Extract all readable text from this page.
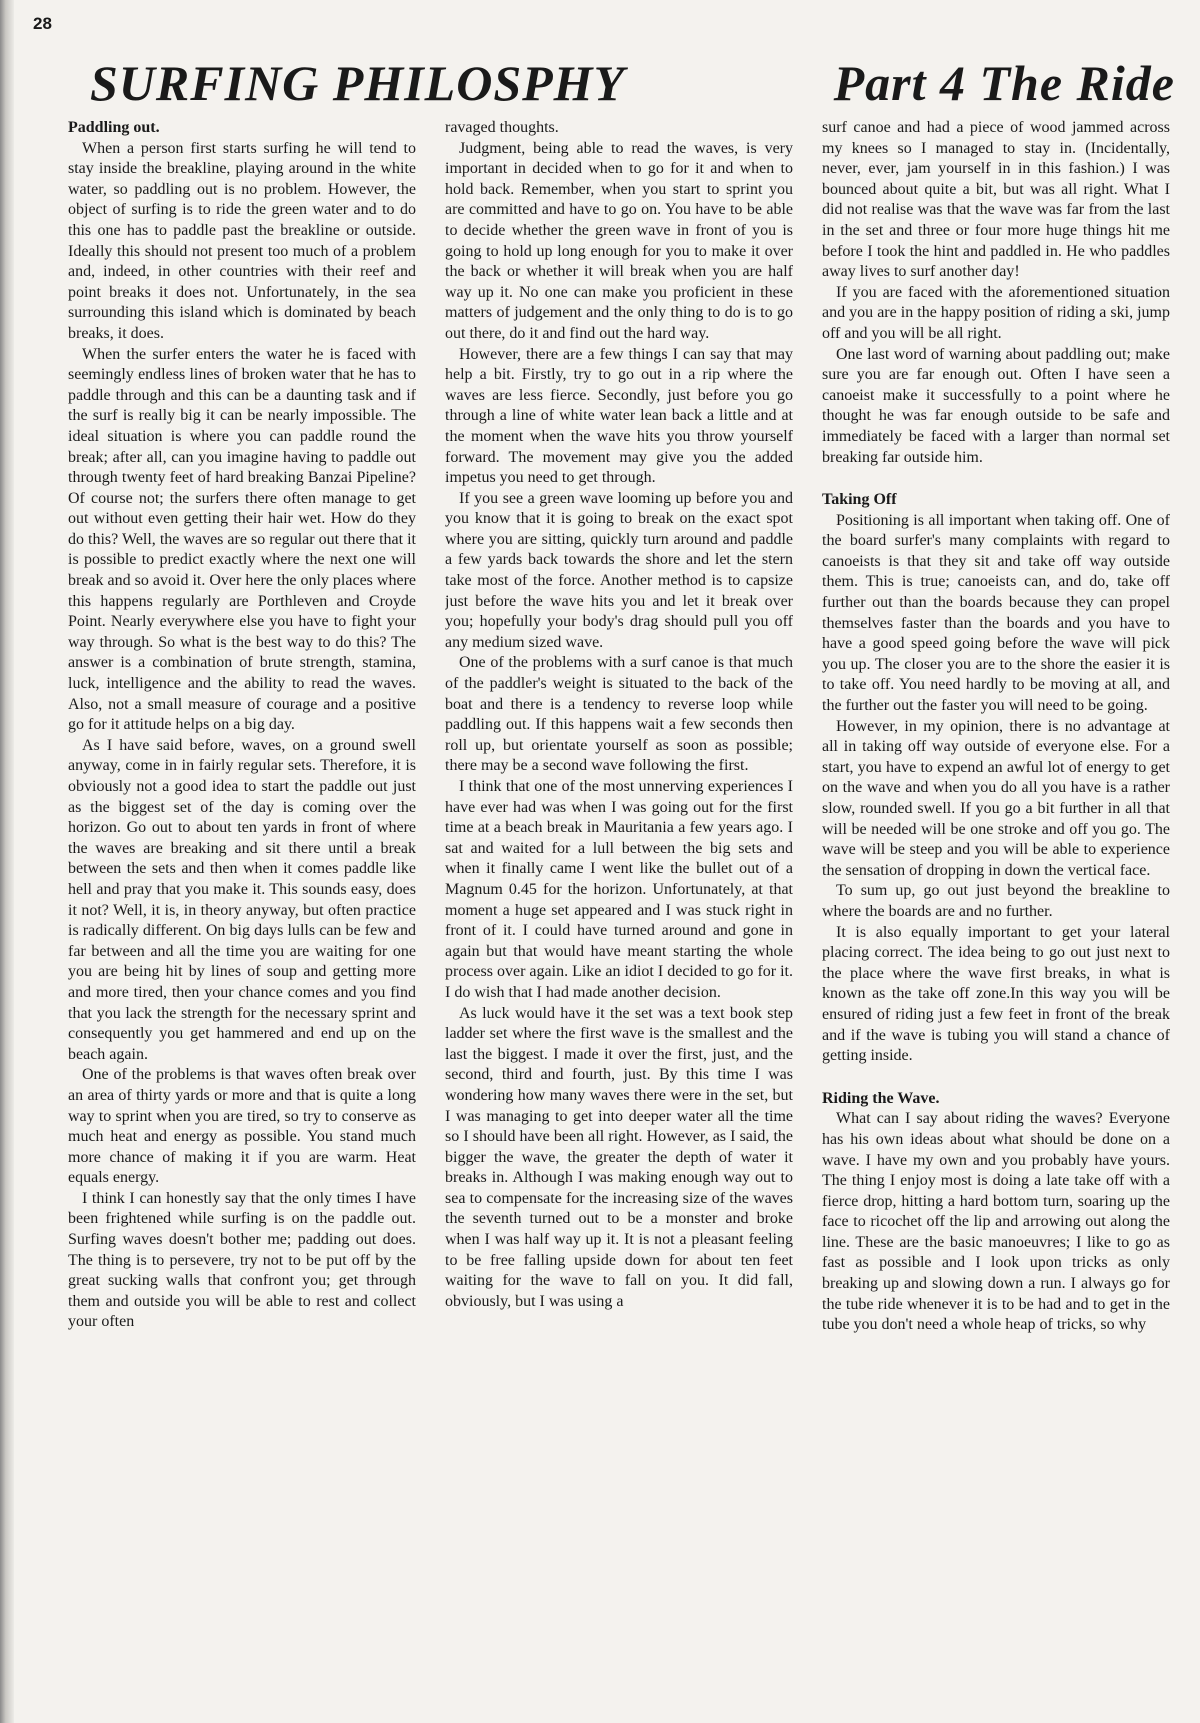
28
SURFING PHILOSPHY	Part 4 The Ride
Paddling out.

When a person first starts surfing he will tend to stay inside the breakline, playing around in the white water, so paddling out is no problem. However, the object of surfing is to ride the green water and to do this one has to paddle past the breakline or outside. Ideally this should not present too much of a problem and, indeed, in other countries with their reef and point breaks it does not. Unfortunately, in the sea surrounding this island which is dominated by beach breaks, it does.

When the surfer enters the water he is faced with seemingly endless lines of broken water that he has to paddle through and this can be a daunting task and if the surf is really big it can be nearly impossible. The ideal situation is where you can paddle round the break; after all, can you imagine having to paddle out through twenty feet of hard breaking Banzai Pipeline? Of course not; the surfers there often manage to get out without even getting their hair wet. How do they do this? Well, the waves are so regular out there that it is possible to predict exactly where the next one will break and so avoid it. Over here the only places where this happens regularly are Porthleven and Croyde Point. Nearly everywhere else you have to fight your way through. So what is the best way to do this? The answer is a combination of brute strength, stamina, luck, intelligence and the ability to read the waves. Also, not a small measure of courage and a positive go for it attitude helps on a big day.

As I have said before, waves, on a ground swell anyway, come in in fairly regular sets. Therefore, it is obviously not a good idea to start the paddle out just as the biggest set of the day is coming over the horizon. Go out to about ten yards in front of where the waves are breaking and sit there until a break between the sets and then when it comes paddle like hell and pray that you make it. This sounds easy, does it not? Well, it is, in theory anyway, but often practice is radically different. On big days lulls can be few and far between and all the time you are waiting for one you are being hit by lines of soup and getting more and more tired, then your chance comes and you find that you lack the strength for the necessary sprint and consequently you get hammered and end up on the beach again.

One of the problems is that waves often break over an area of thirty yards or more and that is quite a long way to sprint when you are tired, so try to conserve as much heat and energy as possible. You stand much more chance of making it if you are warm. Heat equals energy.

I think I can honestly say that the only times I have been frightened while surfing is on the paddle out. Surfing waves doesn't bother me; padding out does. The thing is to persevere, try not to be put off by the great sucking walls that confront you; get through them and outside you will be able to rest and collect your often

ravaged thoughts.

Judgment, being able to read the waves, is very important in decided when to go for it and when to hold back. Remember, when you start to sprint you are committed and have to go on. You have to be able to decide whether the green wave in front of you is going to hold up long enough for you to make it over the back or whether it will break when you are half way up it. No one can make you proficient in these matters of judgement and the only thing to do is to go out there, do it and find out the hard way.

However, there are a few things I can say that may help a bit. Firstly, try to go out in a rip where the waves are less fierce. Secondly, just before you go through a line of white water lean back a little and at the moment when the wave hits you throw yourself forward. The movement may give you the added impetus you need to get through.

If you see a green wave looming up before you and you know that it is going to break on the exact spot where you are sitting, quickly turn around and paddle a few yards back towards the shore and let the stern take most of the force. Another method is to capsize just before the wave hits you and let it break over you; hopefully your body's drag should pull you off any medium sized wave.

One of the problems with a surf canoe is that much of the paddler's weight is situated to the back of the boat and there is a tendency to reverse loop while paddling out. If this happens wait a few seconds then roll up, but orientate yourself as soon as possible; there may be a second wave following the first.

I think that one of the most unnerving experiences I have ever had was when I was going out for the first time at a beach break in Mauritania a few years ago. I sat and waited for a lull between the big sets and when it finally came I went like the bullet out of a Magnum 0.45 for the horizon. Unfortunately, at that moment a huge set appeared and I was stuck right in front of it. I could have turned around and gone in again but that would have meant starting the whole process over again. Like an idiot I decided to go for it. I do wish that I had made another decision.

As luck would have it the set was a text book step ladder set where the first wave is the smallest and the last the biggest. I made it over the first, just, and the second, third and fourth, just. By this time I was wondering how many waves there were in the set, but I was managing to get into deeper water all the time so I should have been all right. However, as I said, the bigger the wave, the greater the depth of water it breaks in. Although I was making enough way out to sea to compensate for the increasing size of the waves the seventh turned out to be a monster and broke when I was half way up it. It is not a pleasant feeling to be free falling upside down for about ten feet waiting for the wave to fall on you. It did fall, obviously, but I was using a

surf canoe and had a piece of wood jammed across my knees so I managed to stay in. (Incidentally, never, ever, jam yourself in in this fashion.) I was bounced about quite a bit, but was all right. What I did not realise was that the wave was far from the last in the set and three or four more huge things hit me before I took the hint and paddled in. He who paddles away lives to surf another day!

If you are faced with the aforementioned situation and you are in the happy position of riding a ski, jump off and you will be all right.

One last word of warning about paddling out; make sure you are far enough out. Often I have seen a canoeist make it successfully to a point where he thought he was far enough outside to be safe and immediately be faced with a larger than normal set breaking far outside him.

Taking Off

Positioning is all important when taking off. One of the board surfer's many complaints with regard to canoeists is that they sit and take off way outside them. This is true; canoeists can, and do, take off further out than the boards because they can propel themselves faster than the boards and you have to have a good speed going before the wave will pick you up. The closer you are to the shore the easier it is to take off. You need hardly to be moving at all, and the further out the faster you will need to be going.

However, in my opinion, there is no advantage at all in taking off way outside of everyone else. For a start, you have to expend an awful lot of energy to get on the wave and when you do all you have is a rather slow, rounded swell. If you go a bit further in all that will be needed will be one stroke and off you go. The wave will be steep and you will be able to experience the sensation of dropping in down the vertical face.

To sum up, go out just beyond the breakline to where the boards are and no further.

It is also equally important to get your lateral placing correct. The idea being to go out just next to the place where the wave first breaks, in what is known as the take off zone.In this way you will be ensured of riding just a few feet in front of the break and if the wave is tubing you will stand a chance of getting inside.

Riding the Wave.

What can I say about riding the waves? Everyone has his own ideas about what should be done on a wave. I have my own and you probably have yours. The thing I enjoy most is doing a late take off with a fierce drop, hitting a hard bottom turn, soaring up the face to ricochet off the lip and arrowing out along the line. These are the basic manoeuvres; I like to go as fast as possible and I look upon tricks as only breaking up and slowing down a run. I always go for the tube ride whenever it is to be had and to get in the tube you don't need a whole heap of tricks, so why
